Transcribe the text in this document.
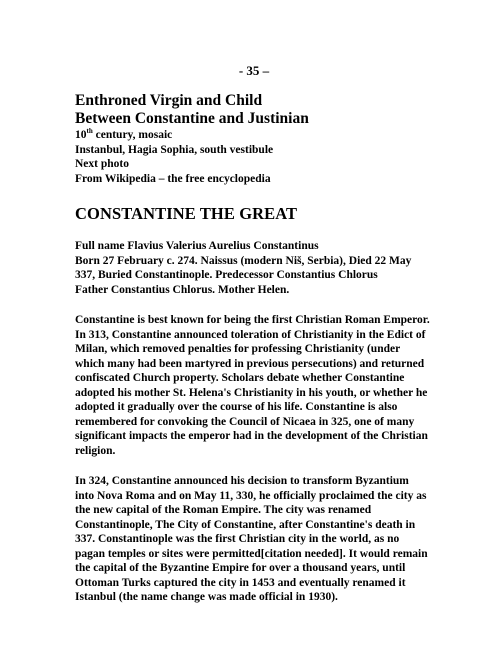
- 35 –

Enthroned Virgin and Child

Between Constantine and Justinian

10th century, mosaic

Instanbul, Hagia Sophia, south vestibule

Next photo

From Wikipedia – the free encyclopedia

CONSTANTINE THE GREAT

Full name Flavius Valerius Aurelius Constantinus
Born 27 February c. 274. Naissus (modern Niš, Serbia), Died 22 May
337, Buried Constantinople. Predecessor Constantius Chlorus
Father Constantius Chlorus. Mother Helen.

Constantine is best known for being the first Christian Roman Emperor.
In 313, Constantine announced toleration of Christianity in the Edict of
Milan, which removed penalties for professing Christianity (under
which many had been martyred in previous persecutions) and returned
confiscated Church property. Scholars debate whether Constantine
adopted his mother St. Helena's Christianity in his youth, or whether he
adopted it gradually over the course of his life. Constantine is also
remembered for convoking the Council of Nicaea in 325, one of many
significant impacts the emperor had in the development of the Christian
religion.

In 324, Constantine announced his decision to transform Byzantium
into Nova Roma and on May 11, 330, he officially proclaimed the city as
the new capital of the Roman Empire. The city was renamed
Constantinople, The City of Constantine, after Constantine's death in
337. Constantinople was the first Christian city in the world, as no
pagan temples or sites were permitted[citation needed]. It would remain
the capital of the Byzantine Empire for over a thousand years, until
Ottoman Turks captured the city in 1453 and eventually renamed it
Istanbul (the name change was made official in 1930).
